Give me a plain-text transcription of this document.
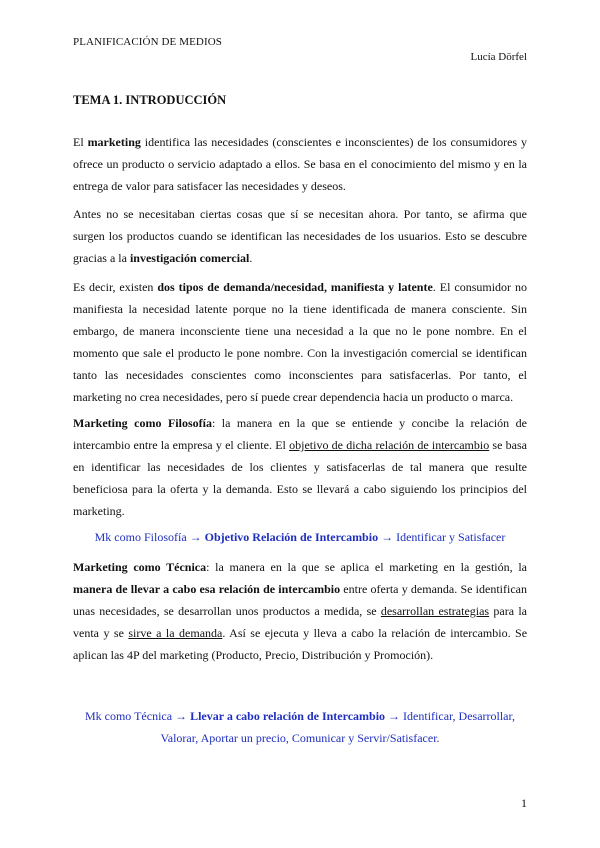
PLANIFICACIÓN DE MEDIOS
Lucía Dörfel
TEMA 1. INTRODUCCIÓN

El marketing identifica las necesidades (conscientes e inconscientes) de los consumidores y ofrece un producto o servicio adaptado a ellos. Se basa en el conocimiento del mismo y en la entrega de valor para satisfacer las necesidades y deseos.

Antes no se necesitaban ciertas cosas que sí se necesitan ahora. Por tanto, se afirma que surgen los productos cuando se identifican las necesidades de los usuarios. Esto se descubre gracias a la investigación comercial.

Es decir, existen dos tipos de demanda/necesidad, manifiesta y latente. El consumidor no manifiesta la necesidad latente porque no la tiene identificada de manera consciente. Sin embargo, de manera inconsciente tiene una necesidad a la que no le pone nombre. En el momento que sale el producto le pone nombre. Con la investigación comercial se identifican tanto las necesidades conscientes como inconscientes para satisfacerlas. Por tanto, el marketing no crea necesidades, pero sí puede crear dependencia hacia un producto o marca.

Marketing como Filosofía: la manera en la que se entiende y concibe la relación de intercambio entre la empresa y el cliente. El objetivo de dicha relación de intercambio se basa en identificar las necesidades de los clientes y satisfacerlas de tal manera que resulte beneficiosa para la oferta y la demanda. Esto se llevará a cabo siguiendo los principios del marketing.

Mk como Filosofía → Objetivo Relación de Intercambio → Identificar y Satisfacer

Marketing como Técnica: la manera en la que se aplica el marketing en la gestión, la manera de llevar a cabo esa relación de intercambio entre oferta y demanda. Se identifican unas necesidades, se desarrollan unos productos a medida, se desarrollan estrategias para la venta y se sirve a la demanda. Así se ejecuta y lleva a cabo la relación de intercambio. Se aplican las 4P del marketing (Producto, Precio, Distribución y Promoción).

Mk como Técnica → Llevar a cabo relación de Intercambio → Identificar, Desarrollar, Valorar, Aportar un precio, Comunicar y Servir/Satisfacer.

1
